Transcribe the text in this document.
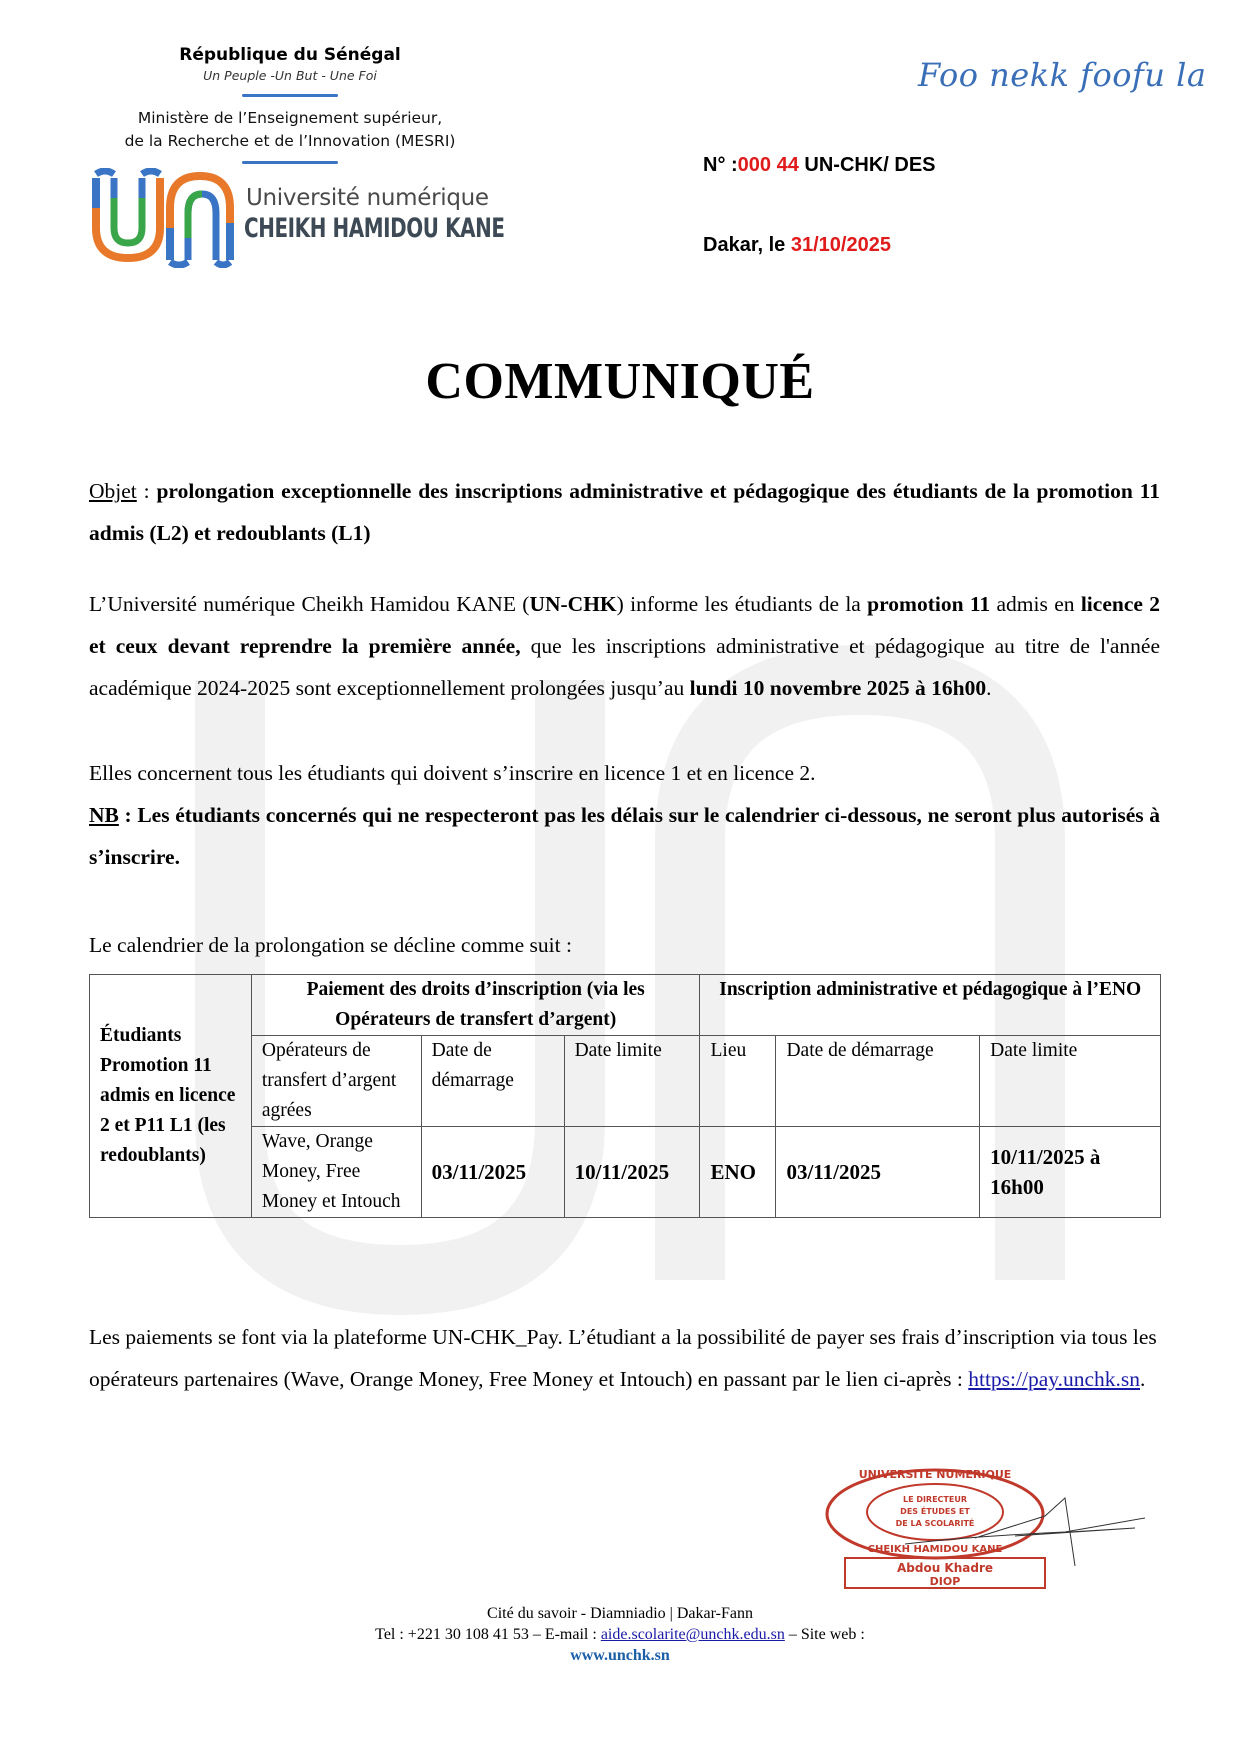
République du Sénégal
Un Peuple -Un But - Une Foi
Ministère de l’Enseignement supérieur,
de la Recherche et de l’Innovation (MESRI)
Université numérique
CHEIKH HAMIDOU KANE
Foo nekk foofu la
N° :000 44 UN-CHK/ DES
Dakar, le 31/10/2025
COMMUNIQUÉ
Objet : prolongation exceptionnelle des inscriptions administrative et pédagogique des étudiants de la promotion 11 admis (L2) et redoublants (L1)
L’Université numérique Cheikh Hamidou KANE (UN-CHK) informe les étudiants de la promotion 11 admis en licence 2 et ceux devant reprendre la première année, que les inscriptions administrative et pédagogique au titre de l'année académique 2024-2025 sont exceptionnellement prolongées jusqu’au lundi 10 novembre 2025 à 16h00.
Elles concernent tous les étudiants qui doivent s’inscrire en licence 1 et en licence 2.
NB : Les étudiants concernés qui ne respecteront pas les délais sur le calendrier ci-dessous, ne seront plus autorisés à s’inscrire.
Le calendrier de la prolongation se décline comme suit :
Étudiants Promotion 11 admis en licence 2 et P11 L1 (les redoublants)	Paiement des droits d’inscription (via les Opérateurs de transfert d’argent)			Inscription administrative et pédagogique à l’ENO		
	Opérateurs de transfert d’argent agrées	Date de démarrage	Date limite	Lieu	Date de démarrage	Date limite
	Wave, Orange Money, Free Money et Intouch	03/11/2025	10/11/2025	ENO	03/11/2025	10/11/2025 à 16h00
Les paiements se font via la plateforme UN-CHK_Pay. L’étudiant a la possibilité de payer ses frais d’inscription via tous les opérateurs partenaires (Wave, Orange Money, Free Money et Intouch) en passant par le lien ci-après : https://pay.unchk.sn.
UNIVERSITE NUMERIQUE
CHEIKH HAMIDOU KANE
LE DIRECTEUR
DES ÉTUDES ET
DE LA SCOLARITÉ
Abdou Khadre
DIOP
Cité du savoir - Diamniadio | Dakar-Fann
Tel : +221 30 108 41 53 – E-mail : aide.scolarite@unchk.edu.sn – Site web :
www.unchk.sn
